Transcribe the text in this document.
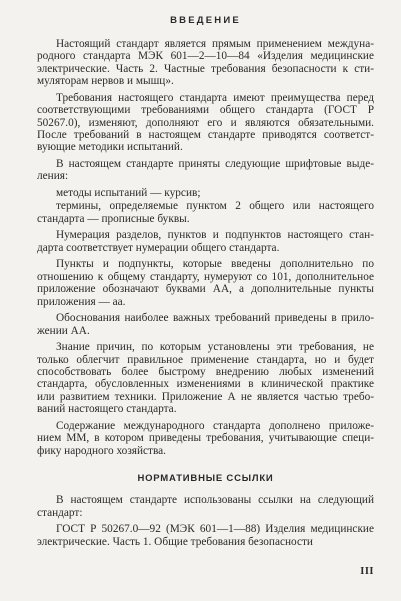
ВВЕДЕНИЕ
Настоящий стандарт является прямым применением междуна-
родного стандарта МЭК 601—2—10—84 «Изделия медицинские
электрические. Часть 2. Частные требования безопасности к сти-
муляторам нервов и мышц».
Требования настоящего стандарта имеют преимущества перед
соответствующими требованиями общего стандарта (ГОСТ Р
50267.0), изменяют, дополняют его и являются обязательными.
После требований в настоящем стандарте приводятся соответст-
вующие методики испытаний.
В настоящем стандарте приняты следующие шрифтовые выде-
ления:
методы испытаний — курсив;
термины, определяемые пунктом 2 общего или настоящего
стандарта — прописные буквы.
Нумерация разделов, пунктов и подпунктов настоящего стан-
дарта соответствует нумерации общего стандарта.
Пункты и подпункты, которые введены дополнительно по
отношению к общему стандарту, нумеруют со 101, дополнительное
приложение обозначают буквами АА, а дополнительные пункты
приложения — аа.
Обоснования наиболее важных требований приведены в прило-
жении АА.
Знание причин, по которым установлены эти требования, не
только облегчит правильное применение стандарта, но и будет
способствовать более быстрому внедрению любых изменений
стандарта, обусловленных изменениями в клинической практике
или развитием техники. Приложение А не является частью требо-
ваний настоящего стандарта.
Содержание международного стандарта дополнено приложе-
нием ММ, в котором приведены требования, учитывающие специ-
фику народного хозяйства.
НОРМАТИВНЫЕ ССЫЛКИ
В настоящем стандарте использованы ссылки на следующий
стандарт:
ГОСТ Р 50267.0—92 (МЭК 601—1—88) Изделия медицинские
электрические. Часть 1. Общие требования безопасности
III
